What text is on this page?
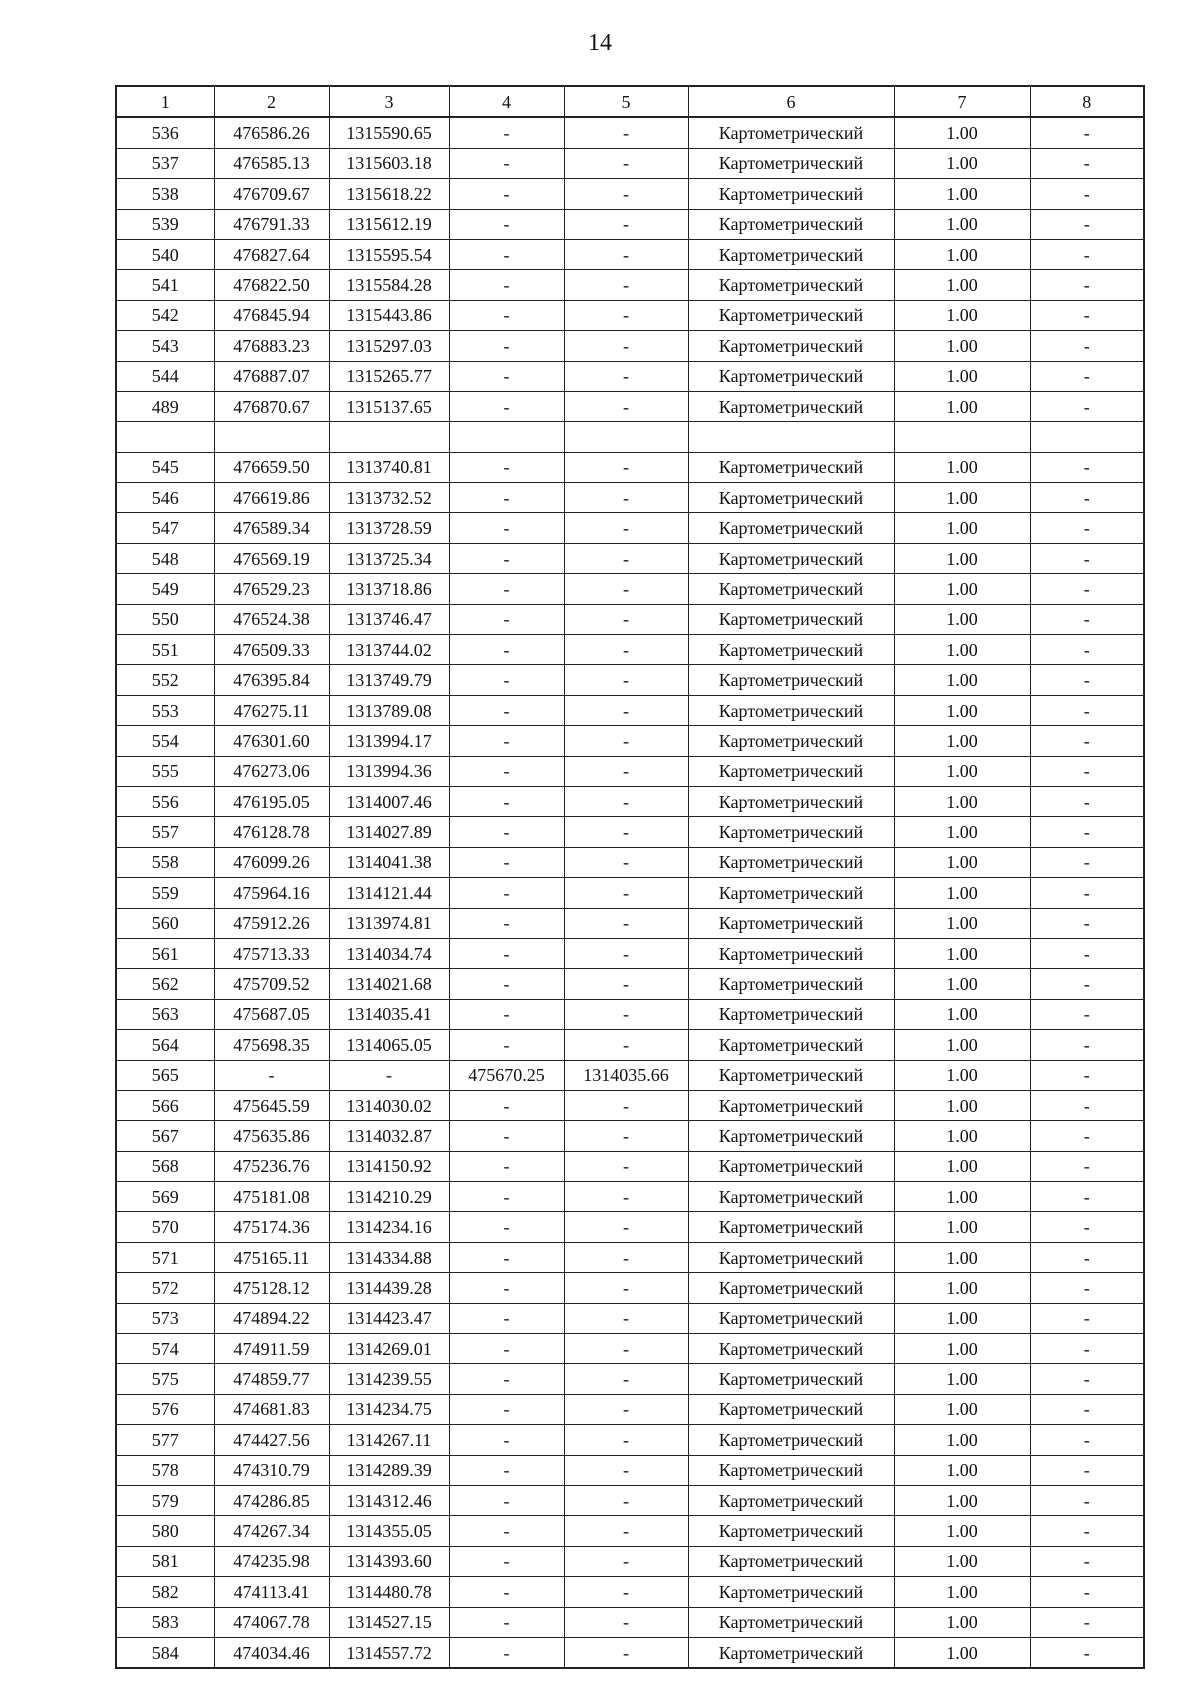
14
1	2	3	4	5	6	7	8
536	476586.26	1315590.65	-	-	Картометрический	1.00	-
537	476585.13	1315603.18	-	-	Картометрический	1.00	-
538	476709.67	1315618.22	-	-	Картометрический	1.00	-
539	476791.33	1315612.19	-	-	Картометрический	1.00	-
540	476827.64	1315595.54	-	-	Картометрический	1.00	-
541	476822.50	1315584.28	-	-	Картометрический	1.00	-
542	476845.94	1315443.86	-	-	Картометрический	1.00	-
543	476883.23	1315297.03	-	-	Картометрический	1.00	-
544	476887.07	1315265.77	-	-	Картометрический	1.00	-
489	476870.67	1315137.65	-	-	Картометрический	1.00	-

545	476659.50	1313740.81	-	-	Картометрический	1.00	-
546	476619.86	1313732.52	-	-	Картометрический	1.00	-
547	476589.34	1313728.59	-	-	Картометрический	1.00	-
548	476569.19	1313725.34	-	-	Картометрический	1.00	-
549	476529.23	1313718.86	-	-	Картометрический	1.00	-
550	476524.38	1313746.47	-	-	Картометрический	1.00	-
551	476509.33	1313744.02	-	-	Картометрический	1.00	-
552	476395.84	1313749.79	-	-	Картометрический	1.00	-
553	476275.11	1313789.08	-	-	Картометрический	1.00	-
554	476301.60	1313994.17	-	-	Картометрический	1.00	-
555	476273.06	1313994.36	-	-	Картометрический	1.00	-
556	476195.05	1314007.46	-	-	Картометрический	1.00	-
557	476128.78	1314027.89	-	-	Картометрический	1.00	-
558	476099.26	1314041.38	-	-	Картометрический	1.00	-
559	475964.16	1314121.44	-	-	Картометрический	1.00	-
560	475912.26	1313974.81	-	-	Картометрический	1.00	-
561	475713.33	1314034.74	-	-	Картометрический	1.00	-
562	475709.52	1314021.68	-	-	Картометрический	1.00	-
563	475687.05	1314035.41	-	-	Картометрический	1.00	-
564	475698.35	1314065.05	-	-	Картометрический	1.00	-
565	-	-	475670.25	1314035.66	Картометрический	1.00	-
566	475645.59	1314030.02	-	-	Картометрический	1.00	-
567	475635.86	1314032.87	-	-	Картометрический	1.00	-
568	475236.76	1314150.92	-	-	Картометрический	1.00	-
569	475181.08	1314210.29	-	-	Картометрический	1.00	-
570	475174.36	1314234.16	-	-	Картометрический	1.00	-
571	475165.11	1314334.88	-	-	Картометрический	1.00	-
572	475128.12	1314439.28	-	-	Картометрический	1.00	-
573	474894.22	1314423.47	-	-	Картометрический	1.00	-
574	474911.59	1314269.01	-	-	Картометрический	1.00	-
575	474859.77	1314239.55	-	-	Картометрический	1.00	-
576	474681.83	1314234.75	-	-	Картометрический	1.00	-
577	474427.56	1314267.11	-	-	Картометрический	1.00	-
578	474310.79	1314289.39	-	-	Картометрический	1.00	-
579	474286.85	1314312.46	-	-	Картометрический	1.00	-
580	474267.34	1314355.05	-	-	Картометрический	1.00	-
581	474235.98	1314393.60	-	-	Картометрический	1.00	-
582	474113.41	1314480.78	-	-	Картометрический	1.00	-
583	474067.78	1314527.15	-	-	Картометрический	1.00	-
584	474034.46	1314557.72	-	-	Картометрический	1.00	-
